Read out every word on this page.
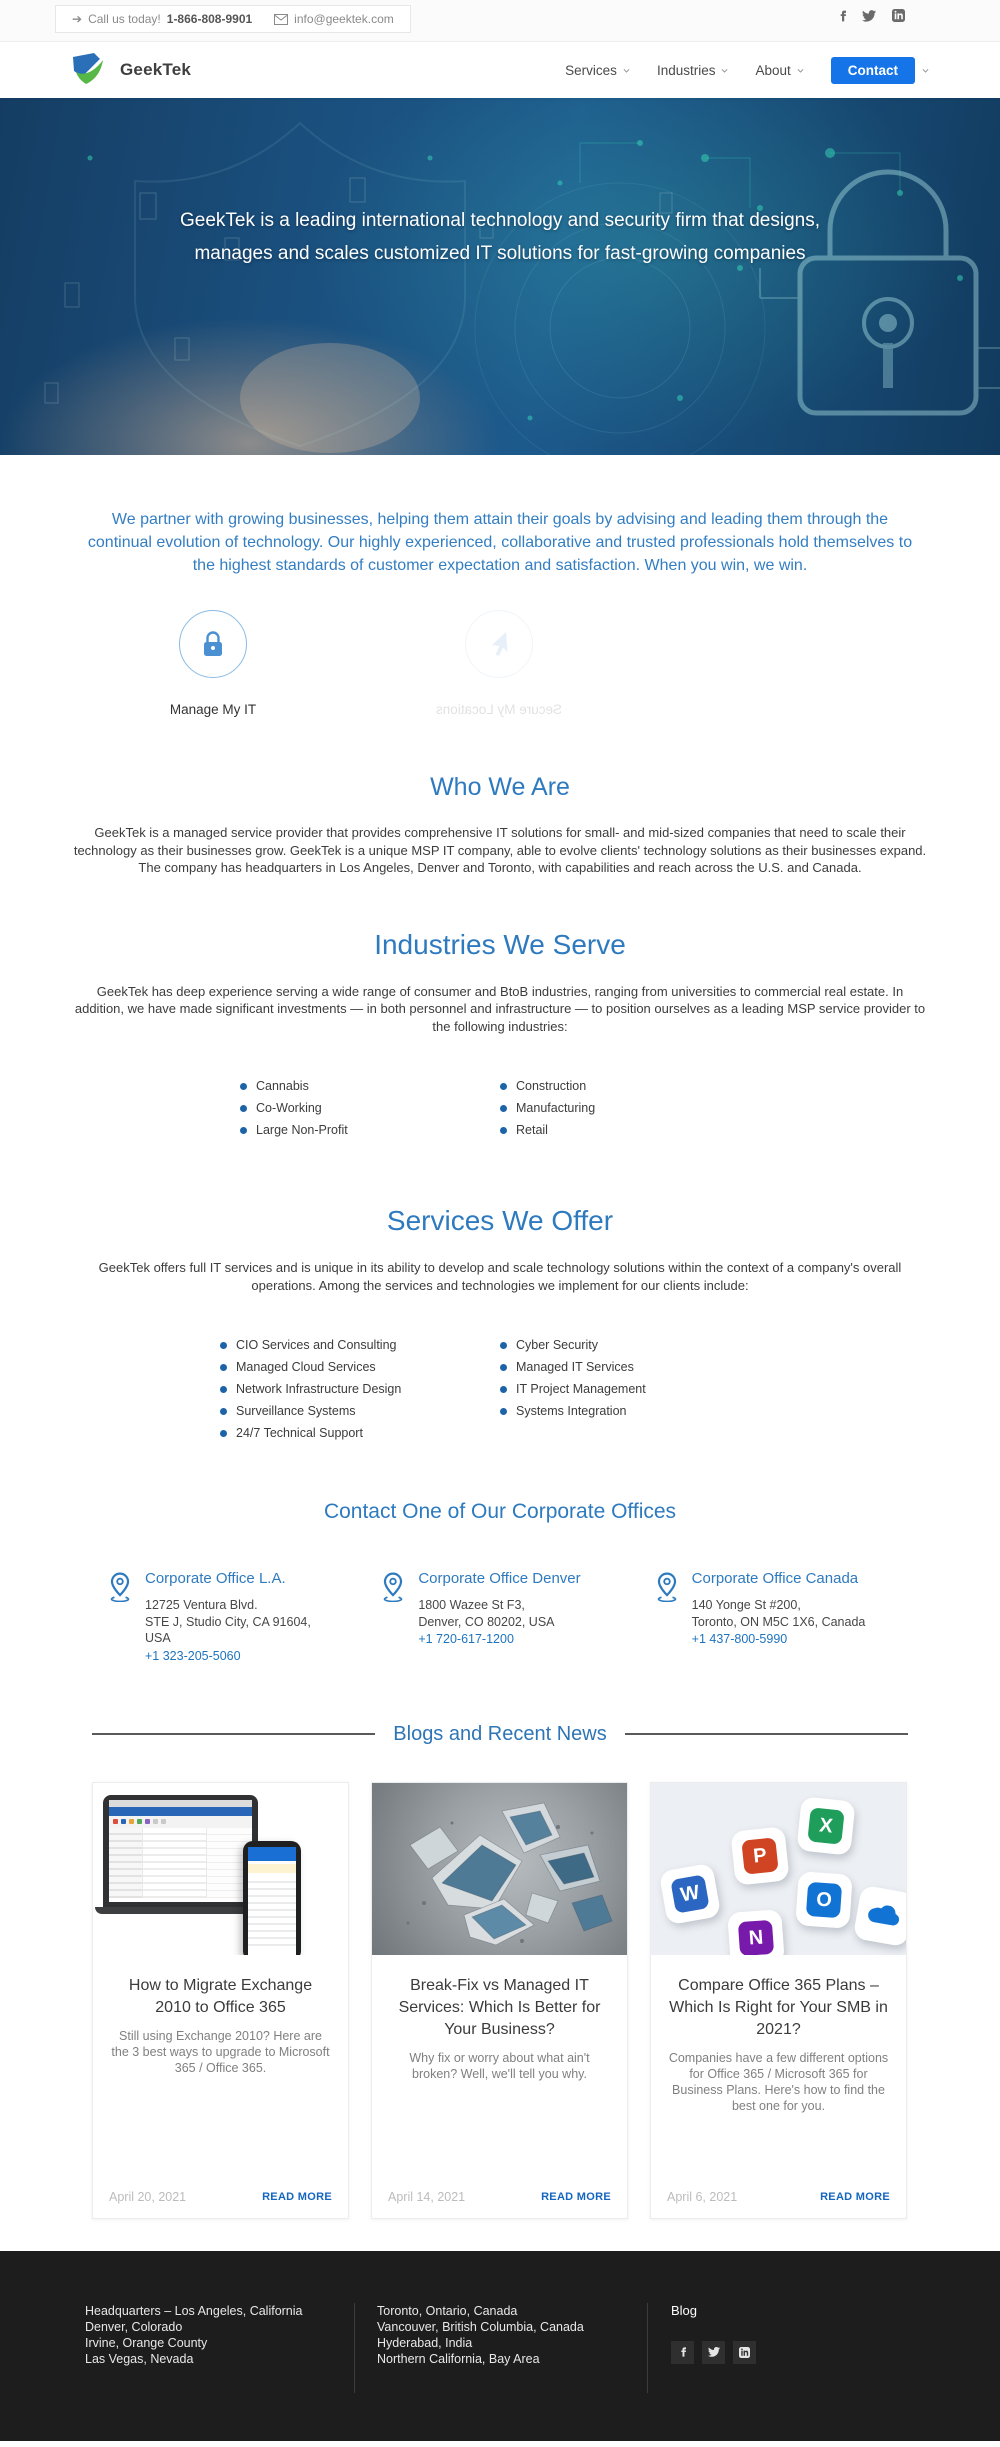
➔ Call us today! 1-866-808-9901	info@geektek.com
GeekTek	Services	Industries	About	Contact
GeekTek is a leading international technology and security firm that designs, manages and scales customized IT solutions for fast-growing companies

We partner with growing businesses, helping them attain their goals by advising and leading them through the continual evolution of technology. Our highly experienced, collaborative and trusted professionals hold themselves to the highest standards of customer expectation and satisfaction. When you win, we win.

Manage My IT	Secure My Locations
Who We Are

GeekTek is a managed service provider that provides comprehensive IT solutions for small- and mid-sized companies that need to scale their technology as their businesses grow. GeekTek is a unique MSP IT company, able to evolve clients' technology solutions as their businesses expand. The company has headquarters in Los Angeles, Denver and Toronto, with capabilities and reach across the U.S. and Canada.

Industries We Serve

GeekTek has deep experience serving a wide range of consumer and BtoB industries, ranging from universities to commercial real estate. In addition, we have made significant investments — in both personnel and infrastructure — to position ourselves as a leading MSP service provider to the following industries:

Cannabis
Co-Working
Large Non-Profit
Construction
Manufacturing
Retail
Services We Offer

GeekTek offers full IT services and is unique in its ability to develop and scale technology solutions within the context of a company's overall operations. Among the services and technologies we implement for our clients include:

CIO Services and Consulting
Managed Cloud Services
Network Infrastructure Design
Surveillance Systems
24/7 Technical Support
Cyber Security
Managed IT Services
IT Project Management
Systems Integration
Contact One of Our Corporate Offices
Corporate Office L.A.
12725 Ventura Blvd.
STE J, Studio City, CA 91604,
USA
+1 323-205-5060
Corporate Office Denver
1800 Wazee St F3,
Denver, CO 80202, USA
+1 720-617-1200
Corporate Office Canada
140 Yonge St #200,
Toronto, ON M5C 1X6, Canada
+1 437-800-5990
Blogs and Recent News
How to Migrate Exchange 2010 to Office 365

Still using Exchange 2010? Here are the 3 best ways to upgrade to Microsoft 365 / Office 365.

April 20, 2021	READ MORE
Break-Fix vs Managed IT Services: Which Is Better for Your Business?

Why fix or worry about what ain't broken? Well, we'll tell you why.

April 14, 2021	READ MORE
X
P
W	O
N
Compare Office 365 Plans – Which Is Right for Your SMB in 2021?

Companies have a few different options for Office 365 / Microsoft 365 for Business Plans. Here's how to find the best one for you.

April 6, 2021	READ MORE
Headquarters – Los Angeles, California
Denver, Colorado
Irvine, Orange County
Las Vegas, Nevada
Toronto, Ontario, Canada
Vancouver, British Columbia, Canada
Hyderabad, India
Northern California, Bay Area
Blog
